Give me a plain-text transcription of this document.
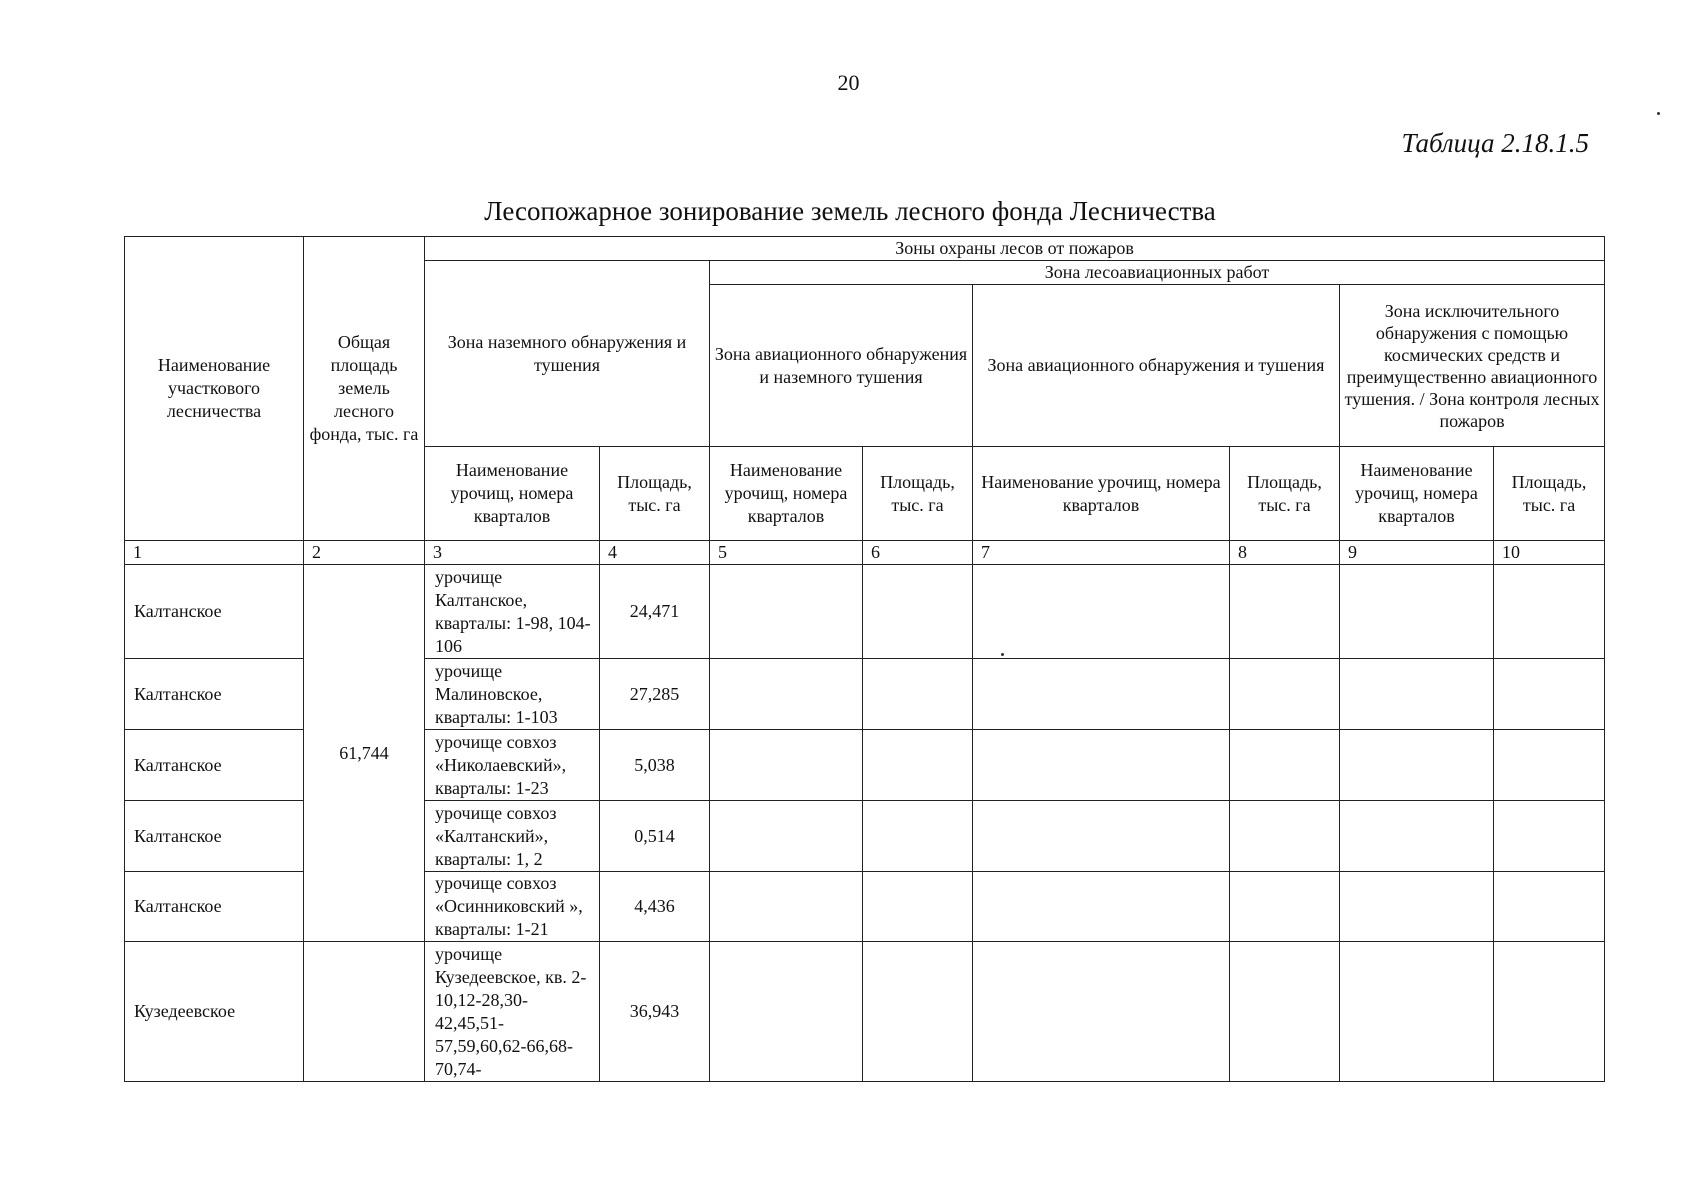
20
Таблица 2.18.1.5
Лесопожарное зонирование земель лесного фонда Лесничества
Наименование участкового лесничества	Общая площадь земель лесного фонда, тыс. га	Зоны охраны лесов от пожаров							
		Зона наземного обнаружения и тушения		Зона лесоавиационных работ					
				Зона авиационного обнаружения и наземного тушения		Зона авиационного обнаружения и тушения		Зона исключительного обнаружения с помощью космических средств и преимущественно авиационного тушения. / Зона контроля лесных пожаров	
		Наименование урочищ, номера кварталов	Площадь, тыс. га	Наименование урочищ, номера кварталов	Площадь, тыс. га	Наименование урочищ, номера кварталов	Площадь, тыс. га	Наименование урочищ, номера кварталов	Площадь, тыс. га
1	2	3	4	5	6	7	8	9	10
Калтанское	61,744	урочище Калтанское, кварталы: 1-98, 104-106	24,471						
Калтанское		урочище Малиновское, кварталы: 1-103	27,285						
Калтанское		урочище совхоз «Николаевский», кварталы: 1-23	5,038						
Калтанское		урочище совхоз «Калтанский», кварталы: 1, 2	0,514						
Калтанское		урочище совхоз «Осинниковский », кварталы: 1-21	4,436						
Кузедеевское		урочище Кузедеевское, кв. 2-10,12-28,30-42,45,51-57,59,60,62-66,68-70,74-	36,943						
